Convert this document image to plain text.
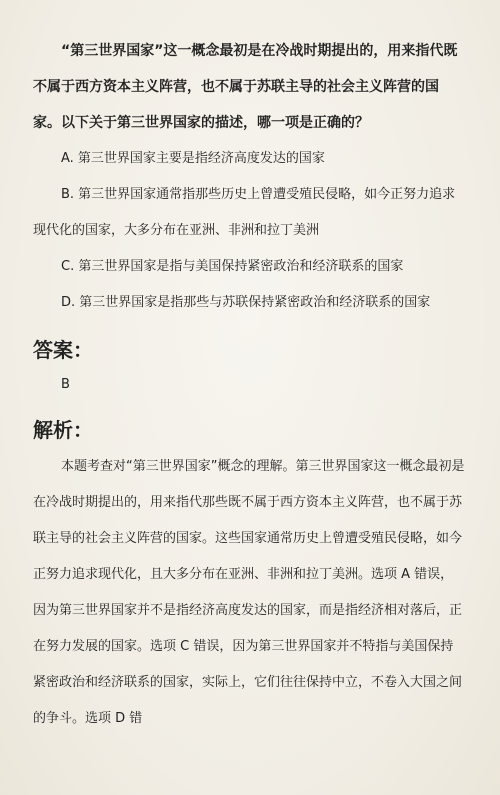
“第三世界国家”这一概念最初是在冷战时期提出的，用来指代既不属于西方资本主义阵营，也不属于苏联主导的社会主义阵营的国家。以下关于第三世界国家的描述，哪一项是正确的？

A. 第三世界国家主要是指经济高度发达的国家

B. 第三世界国家通常指那些历史上曾遭受殖民侵略，如今正努力追求现代化的国家，大多分布在亚洲、非洲和拉丁美洲

C. 第三世界国家是指与美国保持紧密政治和经济联系的国家

D. 第三世界国家是指那些与苏联保持紧密政治和经济联系的国家

答案：
B
解析：

本题考查对“第三世界国家”概念的理解。第三世界国家这一概念最初是在冷战时期提出的，用来指代那些既不属于西方资本主义阵营，也不属于苏联主导的社会主义阵营的国家。这些国家通常历史上曾遭受殖民侵略，如今正努力追求现代化，且大多分布在亚洲、非洲和拉丁美洲。选项 A 错误，因为第三世界国家并不是指经济高度发达的国家，而是指经济相对落后，正在努力发展的国家。选项 C 错误，因为第三世界国家并不特指与美国保持紧密政治和经济联系的国家，实际上，它们往往保持中立，不卷入大国之间的争斗。选项 D 错
